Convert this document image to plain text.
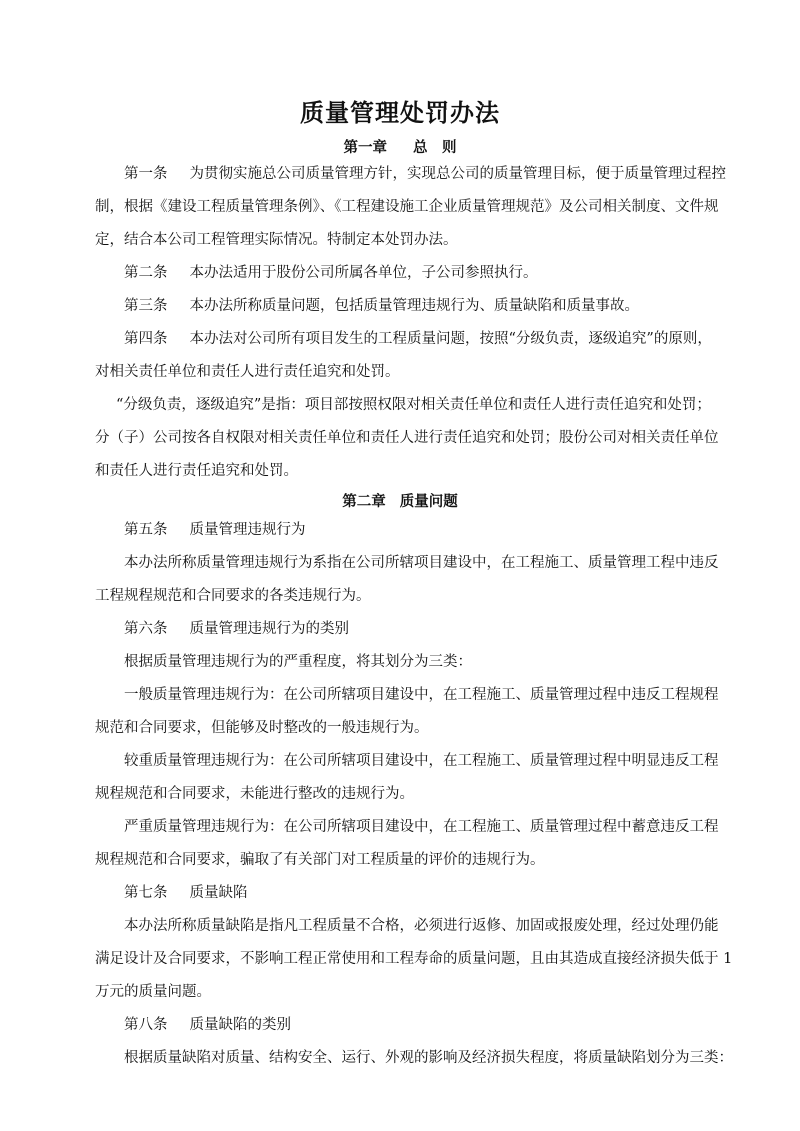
质量管理处罚办法
第一章 总　则
第一条 为贯彻实施总公司质量管理方针，实现总公司的质量管理目标，便于质量管理过程控
制，根据《建设工程质量管理条例》、《工程建设施工企业质量管理规范》及公司相关制度、文件规
定，结合本公司工程管理实际情况。特制定本处罚办法。
第二条 本办法适用于股份公司所属各单位，子公司参照执行。
第三条 本办法所称质量问题，包括质量管理违规行为、质量缺陷和质量事故。
第四条 本办法对公司所有项目发生的工程质量问题，按照“分级负责，逐级追究”的原则，
对相关责任单位和责任人进行责任追究和处罚。
“分级负责，逐级追究”是指：项目部按照权限对相关责任单位和责任人进行责任追究和处罚；
分（子）公司按各自权限对相关责任单位和责任人进行责任追究和处罚；股份公司对相关责任单位
和责任人进行责任追究和处罚。
第二章 质量问题
第五条 质量管理违规行为
本办法所称质量管理违规行为系指在公司所辖项目建设中，在工程施工、质量管理工程中违反
工程规程规范和合同要求的各类违规行为。
第六条 质量管理违规行为的类别
根据质量管理违规行为的严重程度，将其划分为三类：
一般质量管理违规行为：在公司所辖项目建设中，在工程施工、质量管理过程中违反工程规程
规范和合同要求，但能够及时整改的一般违规行为。
较重质量管理违规行为：在公司所辖项目建设中，在工程施工、质量管理过程中明显违反工程
规程规范和合同要求，未能进行整改的违规行为。
严重质量管理违规行为：在公司所辖项目建设中，在工程施工、质量管理过程中蓄意违反工程
规程规范和合同要求，骗取了有关部门对工程质量的评价的违规行为。
第七条 质量缺陷
本办法所称质量缺陷是指凡工程质量不合格，必须进行返修、加固或报废处理，经过处理仍能
满足设计及合同要求，不影响工程正常使用和工程寿命的质量问题，且由其造成直接经济损失低于 1
万元的质量问题。
第八条 质量缺陷的类别
根据质量缺陷对质量、结构安全、运行、外观的影响及经济损失程度，将质量缺陷划分为三类：
